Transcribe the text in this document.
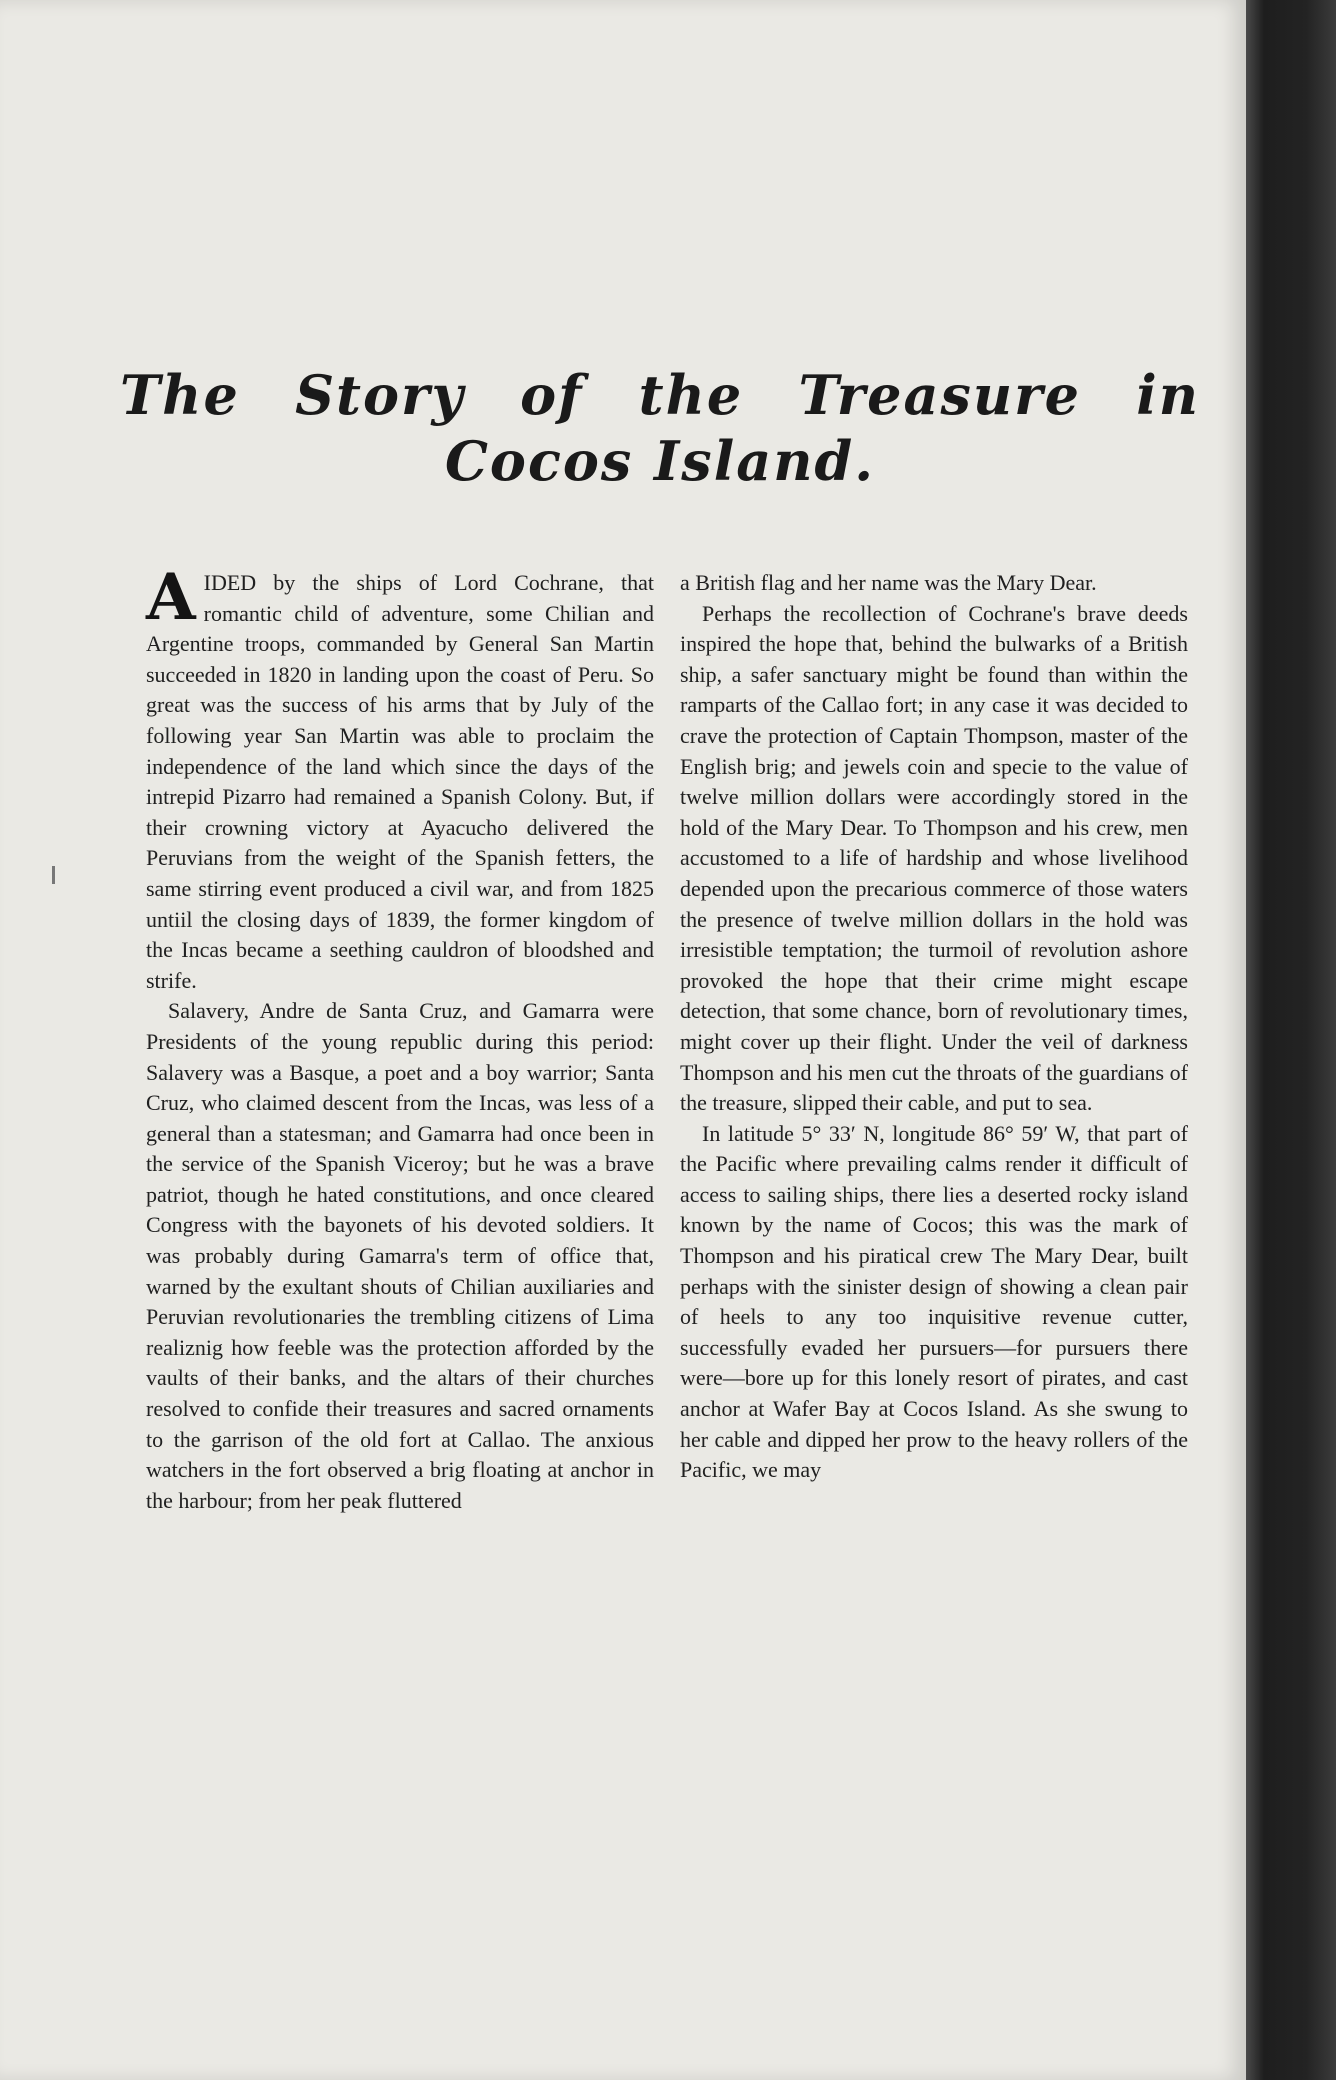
The Story of the Treasure in
Cocos Island.

AIDED by the ships of Lord Cochrane, that romantic child of adventure, some Chilian and Argentine troops, commanded by General San Martin succeeded in 1820 in landing upon the coast of Peru. So great was the success of his arms that by July of the following year San Martin was able to proclaim the independence of the land which since the days of the intrepid Pizarro had remained a Spanish Colony. But, if their crowning victory at Ayacucho delivered the Peruvians from the weight of the Spanish fetters, the same stirring event produced a civil war, and from 1825 untiil the closing days of 1839, the former kingdom of the Incas became a seething cauldron of bloodshed and strife.

Salavery, Andre de Santa Cruz, and Gamarra were Presidents of the young republic during this period: Salavery was a Basque, a poet and a boy warrior; Santa Cruz, who claimed descent from the Incas, was less of a general than a statesman; and Gamarra had once been in the service of the Spanish Viceroy; but he was a brave patriot, though he hated constitutions, and once cleared Congress with the bayonets of his devoted soldiers. It was probably during Gamarra's term of office that, warned by the exultant shouts of Chilian auxiliaries and Peruvian revolutionaries the trembling citizens of Lima realiznig how feeble was the protection afforded by the vaults of their banks, and the altars of their churches resolved to confide their treasures and sacred ornaments to the garrison of the old fort at Callao. The anxious watchers in the fort observed a brig floating at anchor in the harbour; from her peak fluttered

a British flag and her name was the Mary Dear.

Perhaps the recollection of Cochrane's brave deeds inspired the hope that, behind the bulwarks of a British ship, a safer sanctuary might be found than within the ramparts of the Callao fort; in any case it was decided to crave the protection of Captain Thompson, master of the English brig; and jewels coin and specie to the value of twelve million dollars were accordingly stored in the hold of the Mary Dear. To Thompson and his crew, men accustomed to a life of hardship and whose livelihood depended upon the precarious commerce of those waters the presence of twelve million dollars in the hold was irresistible temptation; the turmoil of revolution ashore provoked the hope that their crime might escape detection, that some chance, born of revolutionary times, might cover up their flight. Under the veil of darkness Thompson and his men cut the throats of the guardians of the treasure, slipped their cable, and put to sea.

In latitude 5° 33′ N, longitude 86° 59′ W, that part of the Pacific where prevailing calms render it difficult of access to sailing ships, there lies a deserted rocky island known by the name of Cocos; this was the mark of Thompson and his piratical crew The Mary Dear, built perhaps with the sinister design of showing a clean pair of heels to any too inquisitive revenue cutter, successfully evaded her pursuers—for pursuers there were—bore up for this lonely resort of pirates, and cast anchor at Wafer Bay at Cocos Island. As she swung to her cable and dipped her prow to the heavy rollers of the Pacific, we may
